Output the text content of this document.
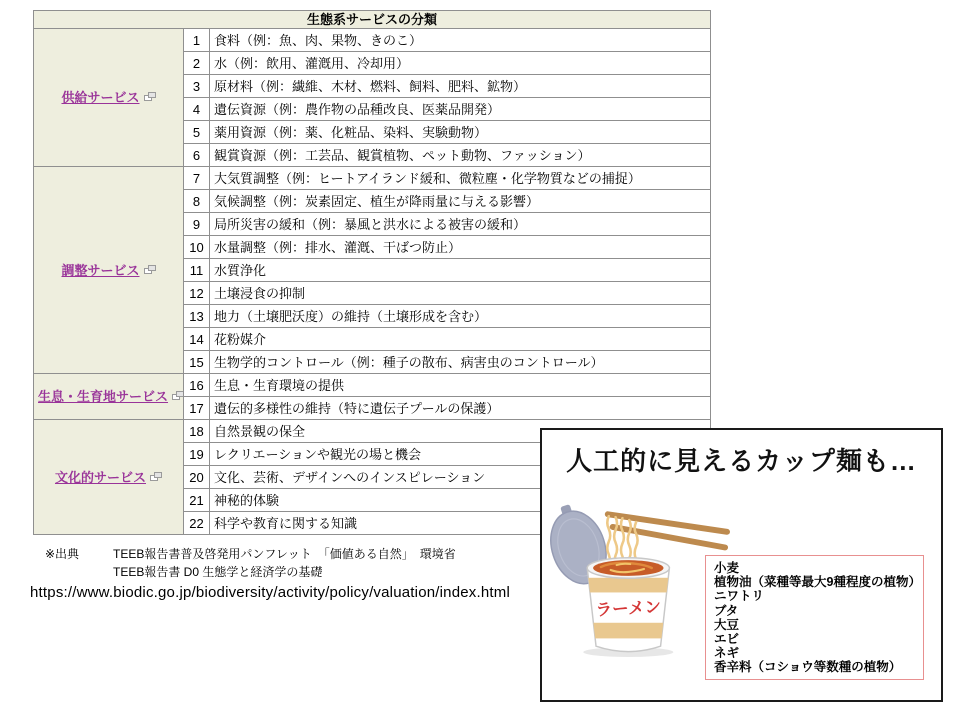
生態系サービスの分類		
供給サービス	1	食料（例：魚、肉、果物、きのこ）
	2	水（例：飲用、灌漑用、冷却用）
	3	原材料（例：繊維、木材、燃料、飼料、肥料、鉱物）
	4	遺伝資源（例：農作物の品種改良、医薬品開発）
	5	薬用資源（例：薬、化粧品、染料、実験動物）
	6	観賞資源（例：工芸品、観賞植物、ペット動物、ファッション）
調整サービス	7	大気質調整（例：ヒートアイランド緩和、微粒塵・化学物質などの捕捉）
	8	気候調整（例：炭素固定、植生が降雨量に与える影響）
	9	局所災害の緩和（例：暴風と洪水による被害の緩和）
	10	水量調整（例：排水、灌漑、干ばつ防止）
	11	水質浄化
	12	土壌浸食の抑制
	13	地力（土壌肥沃度）の維持（土壌形成を含む）
	14	花粉媒介
	15	生物学的コントロール（例：種子の散布、病害虫のコントロール）
生息・生育地サービス	16	生息・生育環境の提供
	17	遺伝的多様性の維持（特に遺伝子プールの保護）
文化的サービス	18	自然景観の保全
	19	レクリエーションや観光の場と機会
	20	文化、芸術、デザインへのインスピレーション
	21	神秘的体験
	22	科学や教育に関する知識
※出典	TEEB報告書普及啓発用パンフレット　「価値ある自然」　環境省
TEEB報告書 D0 生態学と経済学の基礎
https://www.biodic.go.jp/biodiversity/activity/policy/valuation/index.html
人工的に見えるカップ麺も…
ラーメン
小麦
植物油（菜種等最大9種程度の植物）
ニワトリ
ブタ
大豆
エビ
ネギ
香辛料（コショウ等数種の植物）
